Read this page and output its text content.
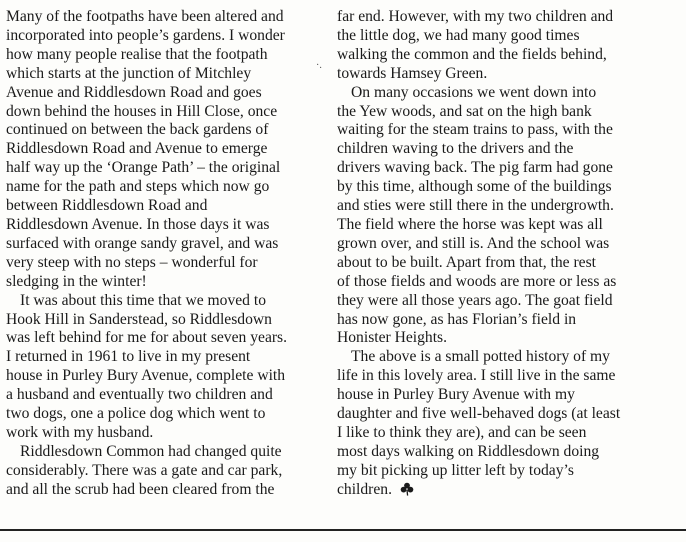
Many of the footpaths have been altered and
incorporated into people’s gardens. I wonder
how many people realise that the footpath
which starts at the junction of Mitchley
Avenue and Riddlesdown Road and goes
down behind the houses in Hill Close, once
continued on between the back gardens of
Riddlesdown Road and Avenue to emerge
half way up the ‘Orange Path’ – the original
name for the path and steps which now go
between Riddlesdown Road and
Riddlesdown Avenue. In those days it was
surfaced with orange sandy gravel, and was
very steep with no steps – wonderful for
sledging in the winter!
It was about this time that we moved to
Hook Hill in Sanderstead, so Riddlesdown
was left behind for me for about seven years.
I returned in 1961 to live in my present
house in Purley Bury Avenue, complete with
a husband and eventually two children and
two dogs, one a police dog which went to
work with my husband.
Riddlesdown Common had changed quite
considerably. There was a gate and car park,
and all the scrub had been cleared from the
·.
far end. However, with my two children and
the little dog, we had many good times
walking the common and the fields behind,
towards Hamsey Green.
On many occasions we went down into
the Yew woods, and sat on the high bank
waiting for the steam trains to pass, with the
children waving to the drivers and the
drivers waving back. The pig farm had gone
by this time, although some of the buildings
and sties were still there in the undergrowth.
The field where the horse was kept was all
grown over, and still is. And the school was
about to be built. Apart from that, the rest
of those fields and woods are more or less as
they were all those years ago. The goat field
has now gone, as has Florian’s field in
Honister Heights.
The above is a small potted history of my
life in this lovely area. I still live in the same
house in Purley Bury Avenue with my
daughter and five well-behaved dogs (at least
I like to think they are), and can be seen
most days walking on Riddlesdown doing
my bit picking up litter left by today’s
children.
